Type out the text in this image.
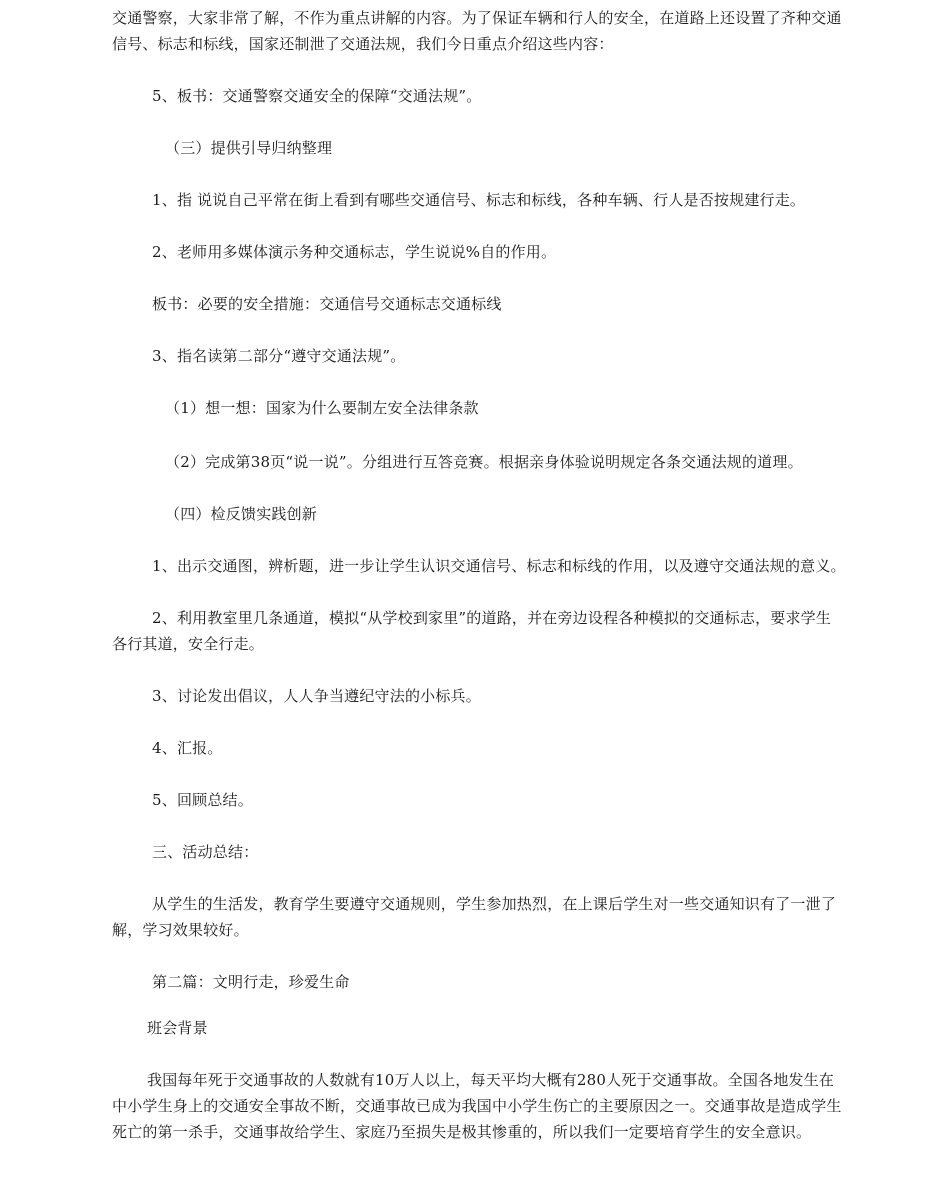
交通警察，大家非常了解，不作为重点讲解的内容。为了保证车辆和行人的安全，在道路上还设置了齐种交通
信号、标志和标线，国家还制泄了交通法规，我们今日重点介绍这些内容：
5、板书：交通警察交通安全的保障“交通法规”。
（三）提供引导归纳整理
1、指 说说自己平常在街上看到有哪些交通信号、标志和标线，各种车辆、行人是否按规建行走。
2、老师用多媒体演示务种交通标志，学生说说%自的作用。
板书：必要的安全措施：交通信号交通标志交通标线
3、指名读第二部分“遵守交通法规”。
（1）想一想：国家为什么要制左安全法律条款
（2）完成第38页“说一说”。分组进行互答竞赛。根据亲身体验说明规定各条交通法规的道理。
（四）检反馈实践创新
1、出示交通图，辨析题，进一步让学生认识交通信号、标志和标线的作用，以及遵守交通法规的意义。
2、利用教室里几条通道，模拟“从学校到家里”的道路，并在旁边设程各种模拟的交通标志，要求学生
各行其道，安全行走。
3、讨论发出倡议，人人争当遵纪守法的小标兵。
4、汇报。
5、回顾总结。
三、活动总结：
从学生的生活发，教育学生要遵守交通规则，学生参加热烈，在上课后学生对一些交通知识有了一泄了
解，学习效果较好。
第二篇：文明行走，珍爱生命
班会背景
我国每年死于交通事故的人数就有10万人以上，每天平均大概有280人死于交通事故。全国各地发生在
中小学生身上的交通安全事故不断，交通事故已成为我国中小学生伤亡的主要原因之一。交通事故是造成学生
死亡的第一杀手，交通事故给学生、家庭乃至损失是极其惨重的，所以我们一定要培育学生的安全意识。
